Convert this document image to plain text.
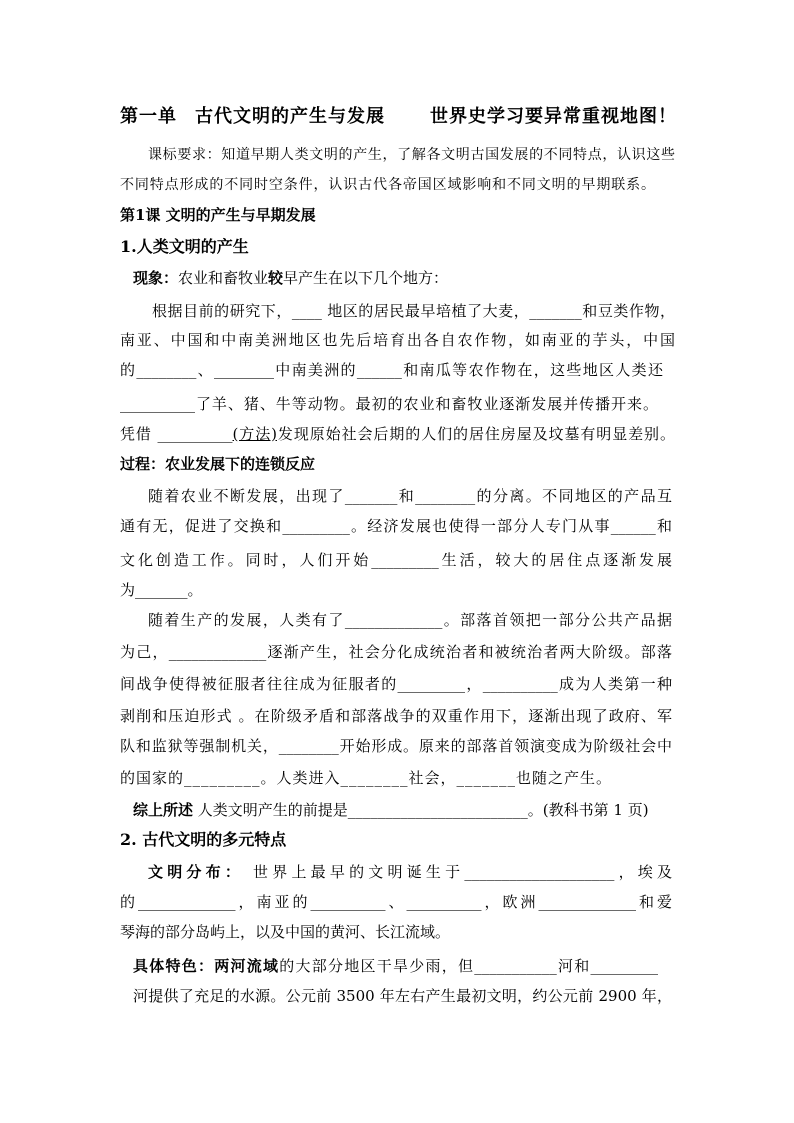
第一单 古代文明的产生与发展	世界史学习要异常重视地图！
课标要求：知道早期人类文明的产生，了解各文明古国发展的不同特点，认识这些
不同特点形成的不同时空条件，认识古代各帝国区域影响和不同文明的早期联系。
第1课 文明的产生与早期发展
1.人类文明的产生
现象：农业和畜牧业较早产生在以下几个地方：
根据目前的研究下，____ 地区的居民最早培植了大麦，_______和豆类作物，
南亚、中国和中南美洲地区也先后培育出各自农作物，如南亚的芋头，中国
的________、________中南美洲的______和南瓜等农作物在，这些地区人类还
__________了羊、猪、牛等动物。最初的农业和畜牧业逐渐发展并传播开来。
凭借 __________(方法)发现原始社会后期的人们的居住房屋及坟墓有明显差别。
过程：农业发展下的连锁反应
随着农业不断发展，出现了_______和________的分离。不同地区的产品互
通有无，促进了交换和_________。经济发展也使得一部分人专门从事______和
文化创造工作。同时，人们开始_________生活，较大的居住点逐渐发展
为_______。
随着生产的发展，人类有了_____________。部落首领把一部分公共产品据
为己，_____________逐渐产生，社会分化成统治者和被统治者两大阶级。部落
间战争使得被征服者往往成为征服者的_________，__________成为人类第一种
剥削和压迫形式 。在阶级矛盾和部落战争的双重作用下，逐渐出现了政府、军
队和监狱等强制机关，________开始形成。原来的部落首领演变成为阶级社会中
的国家的_________。人类进入________社会，_______也随之产生。
综上所述 人类文明产生的前提是________________________。(教科书第 1 页)
2. 古代文明的多元特点
文明分布： 世界上最早的文明诞生于____________________，埃及
的_____________，南亚的__________、__________，欧洲_____________和爱
琴海的部分岛屿上，以及中国的黄河、长江流域。
具体特色：两河流域的大部分地区干旱少雨，但___________河和_________
河提供了充足的水源。公元前 3500 年左右产生最初文明，约公元前 2900 年，
